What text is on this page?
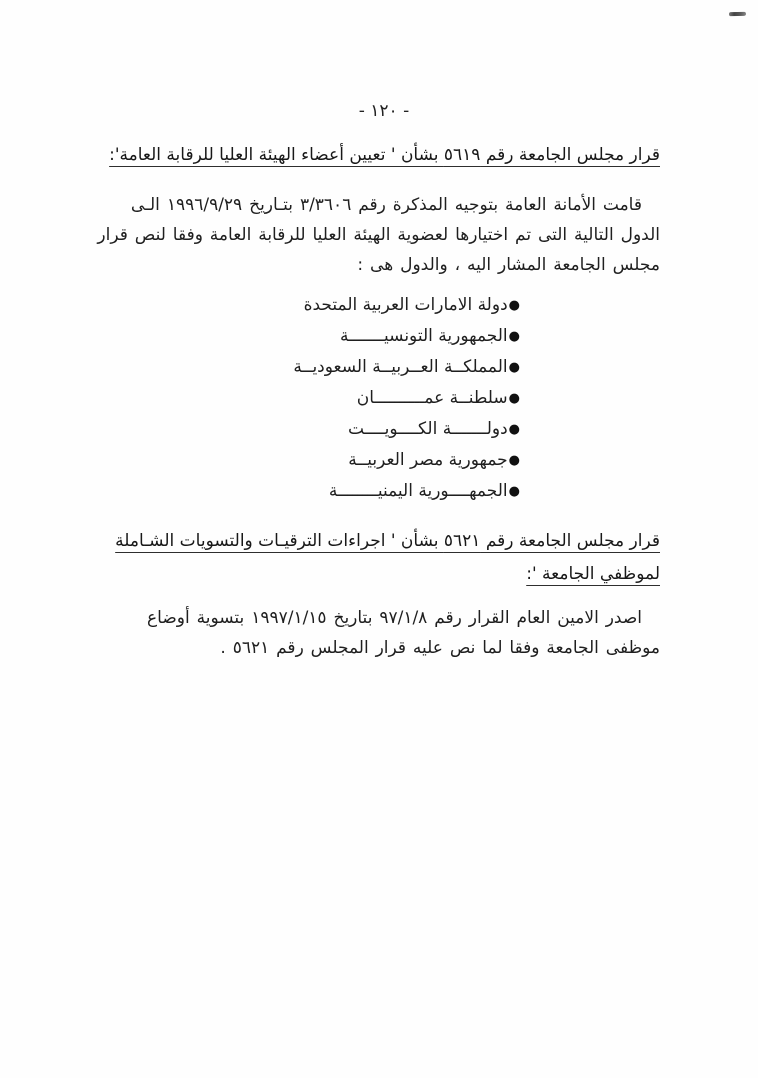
- ١٢٠ -
قرار مجلس الجامعة رقم ٥٦١٩ بشأن ' تعيين أعضاء الهيئة العليا للرقابة العامة':
قامت الأمانة العامة بتوجيه المذكرة رقم ٣/٣٦٠٦ بتـاريخ ١٩٩٦/٩/٢٩ الـى
الدول التالية التى تم اختيارها لعضوية الهيئة العليا للرقابة العامة وفقا لنص قرار
مجلس الجامعة المشار اليه ، والدول هى :
●دولة الامارات العربية المتحدة
●الجمهورية التونسيـــــــة
●المملكــة العــربيــة السعوديــة
●سلطنــة عمــــــــــان
●دولـــــــة الكــــويــــت
●جمهورية مصر العربيــة
●الجمهــــورية اليمنيــــــــة
قرار مجلس الجامعة رقم ٥٦٢١ بشأن ' اجراءات الترقيـات والتسويات الشـاملة
لموظفي الجامعة ':
اصدر الامين العام القرار رقم ٩٧/١/٨ بتاريخ ١٩٩٧/١/١٥ بتسوية أوضاع
موظفى الجامعة وفقا لما نص عليه قرار المجلس رقم ٥٦٢١ .
